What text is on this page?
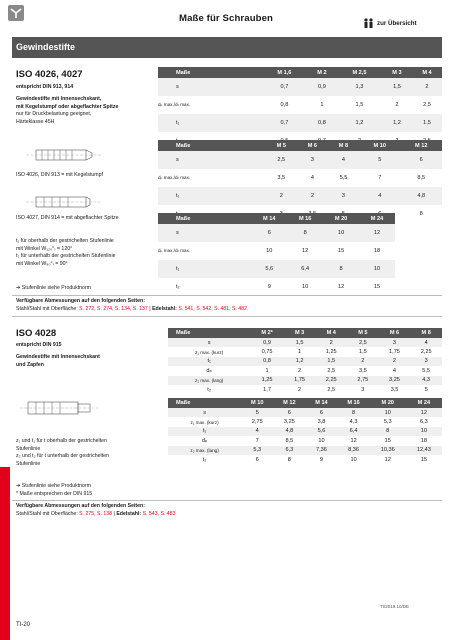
Maße für Schrauben	zur Übersicht
Gewindestifte
ISO 4026, 4027
entspricht DIN 913, 914
Gewindestifte mit Innensechskant,
mit Kegelstumpf oder abgeflachter Spitze
nur für Druckbelastung geeignet,
Härteklasse 45H
ISO 4026, DIN 913 = mit Kegelstumpf
ISO 4027, DIN 914 = mit abgeflachter Spitze
t₁ für oberhalb der gestrichelten Stufenlinie
mit Winkel W₁₂₀°₎ = 120°
t₂ für unterhalb der gestrichelten Stufenlinie
mit Winkel W₉₀°₎ = 90°
Maße	M 1,6	M 2	M 2,5	M 3	M 4
s	0,7	0,9	1,3	1,5	2
dₚ max./dₜ max.	0,8	1	1,5	2	2,5
t₁	0,7	0,8	1,2	1,2	1,5

Maße	M 5	M 6	M 8	M 10	M 12
s	2,5	3	4	5	6
dₚ max./dₜ max.	3,5	4	5,5	7	8,5
t₁	2	2	3	4	4,8
					8
Maße	M 14	M 16	M 20	M 24
s	6	8	10	12
dₚ max./dₜ max.	10	12	15	18
t₁	5,6	6,4	8	10
t₂	9	10	12	15
➔ Stufenlinie siehe Produktnorm
Verfügbare Abmessungen auf den folgenden Seiten:
Stahl/Stahl mit Oberfläche: S. 272, S. 274, S. 134, S. 137 | Edelstahl: S. 541, S. 542, S. 481, S. 482
ISO 4028
entspricht DIN 915
Gewindestifte mit Innensechskant
und Zapfen
z₁ und t₁ für t oberhalb der gestrichelten
Stufenlinie
z₂ und t₂ für t unterhalb der gestrichelten
Stufenlinie
➔ Stufenlinie siehe Produktnorm
* Maße entsprechen der DIN 915
Maße	M 2*	M 3	M 4	M 5	M 6	M 8
s	0,9	1,5	2	2,5	3	4
z₁ max. (kurz)	0,75	1	1,25	1,5	1,75	2,25
t₁	0,8	1,2	1,5	2	2	3
dₚ	1	2	2,5	3,5	4	5,5
z₂ max. (lang)	1,25	1,75	2,25	2,75	3,25	4,3
t₂	1,7	2	2,5	3	3,5	5
Maße	M 10	M 12	M 14	M 16	M 20	M 24
s	5	6	6	8	10	12
z₁ max. (kurz)	2,75	3,25	3,8	4,3	5,3	6,3
t₁	4	4,8	5,6	6,4	8	10
dₚ	7	8,5	10	12	15	18
z₂ max. (lang)	5,3	6,3	7,36	8,36	10,36	12,43
t₂	6	8	9	10	12	15
Verfügbare Abmessungen auf den folgenden Seiten:
Stahl/Stahl mit Oberfläche: S. 275, S. 138 | Edelstahl: S. 543, S. 483
TI/2019.10/DE
TI-20
